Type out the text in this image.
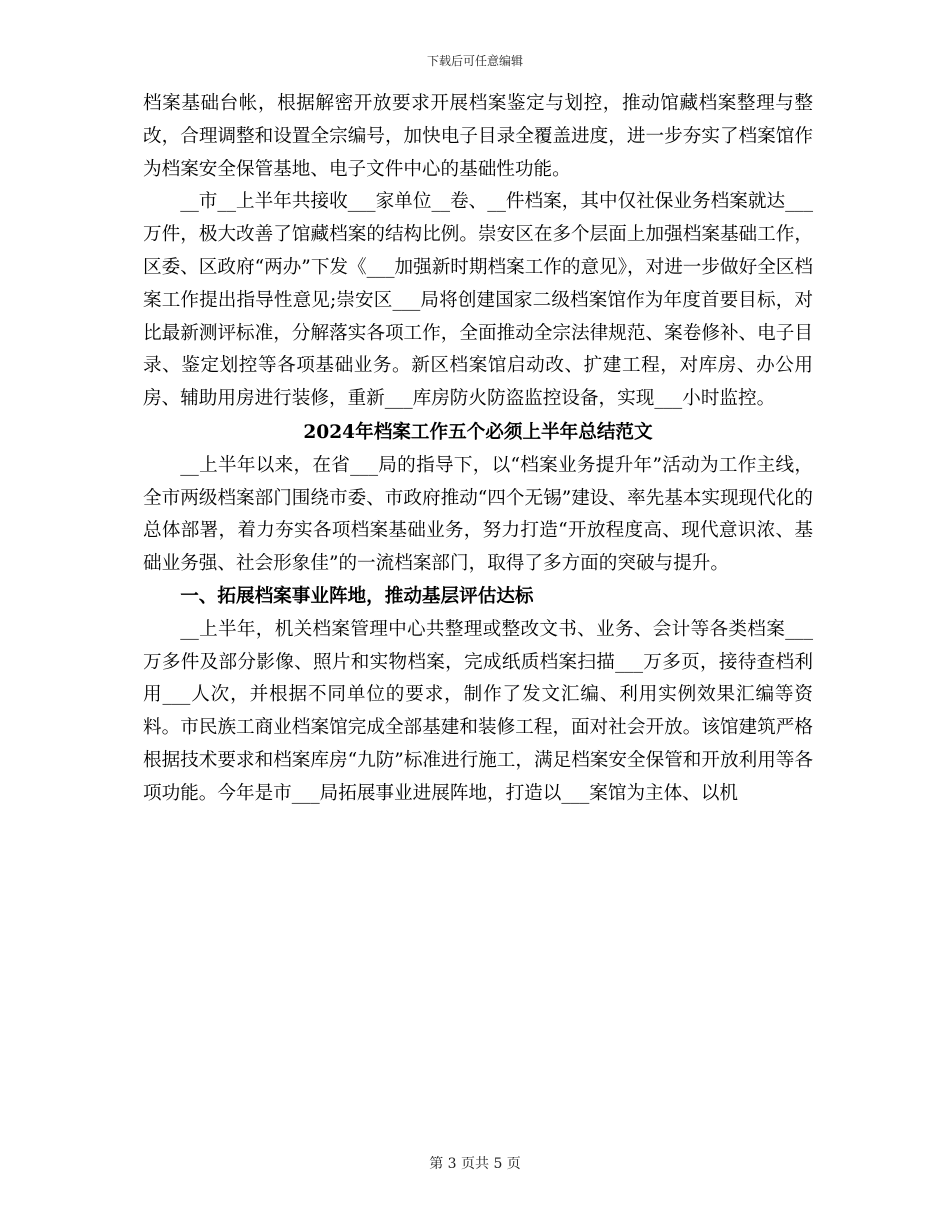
下载后可任意编辑

档案基础台帐，根据解密开放要求开展档案鉴定与划控，推动馆藏档案整理与整改，合理调整和设置全宗编号，加快电子目录全覆盖进度，进一步夯实了档案馆作为档案安全保管基地、电子文件中心的基础性功能。

__市__上半年共接收___家单位__卷、__件档案，其中仅社保业务档案就达___万件，极大改善了馆藏档案的结构比例。崇安区在多个层面上加强档案基础工作，区委、区政府“两办”下发《___加强新时期档案工作的意见》，对进一步做好全区档案工作提出指导性意见;崇安区___局将创建国家二级档案馆作为年度首要目标，对比最新测评标准，分解落实各项工作，全面推动全宗法律规范、案卷修补、电子目录、鉴定划控等各项基础业务。新区档案馆启动改、扩建工程，对库房、办公用房、辅助用房进行装修，重新___库房防火防盗监控设备，实现___小时监控。

2024年档案工作五个必须上半年总结范文

__上半年以来，在省___局的指导下，以“档案业务提升年”活动为工作主线，全市两级档案部门围绕市委、市政府推动“四个无锡”建设、率先基本实现现代化的总体部署，着力夯实各项档案基础业务，努力打造“开放程度高、现代意识浓、基础业务强、社会形象佳”的一流档案部门，取得了多方面的突破与提升。

一、拓展档案事业阵地，推动基层评估达标

__上半年，机关档案管理中心共整理或整改文书、业务、会计等各类档案___万多件及部分影像、照片和实物档案，完成纸质档案扫描___万多页，接待查档利用___人次，并根据不同单位的要求，制作了发文汇编、利用实例效果汇编等资料。市民族工商业档案馆完成全部基建和装修工程，面对社会开放。该馆建筑严格根据技术要求和档案库房“九防”标准进行施工，满足档案安全保管和开放利用等各项功能。今年是市___局拓展事业进展阵地，打造以___案馆为主体、以机

第 3 页共 5 页
